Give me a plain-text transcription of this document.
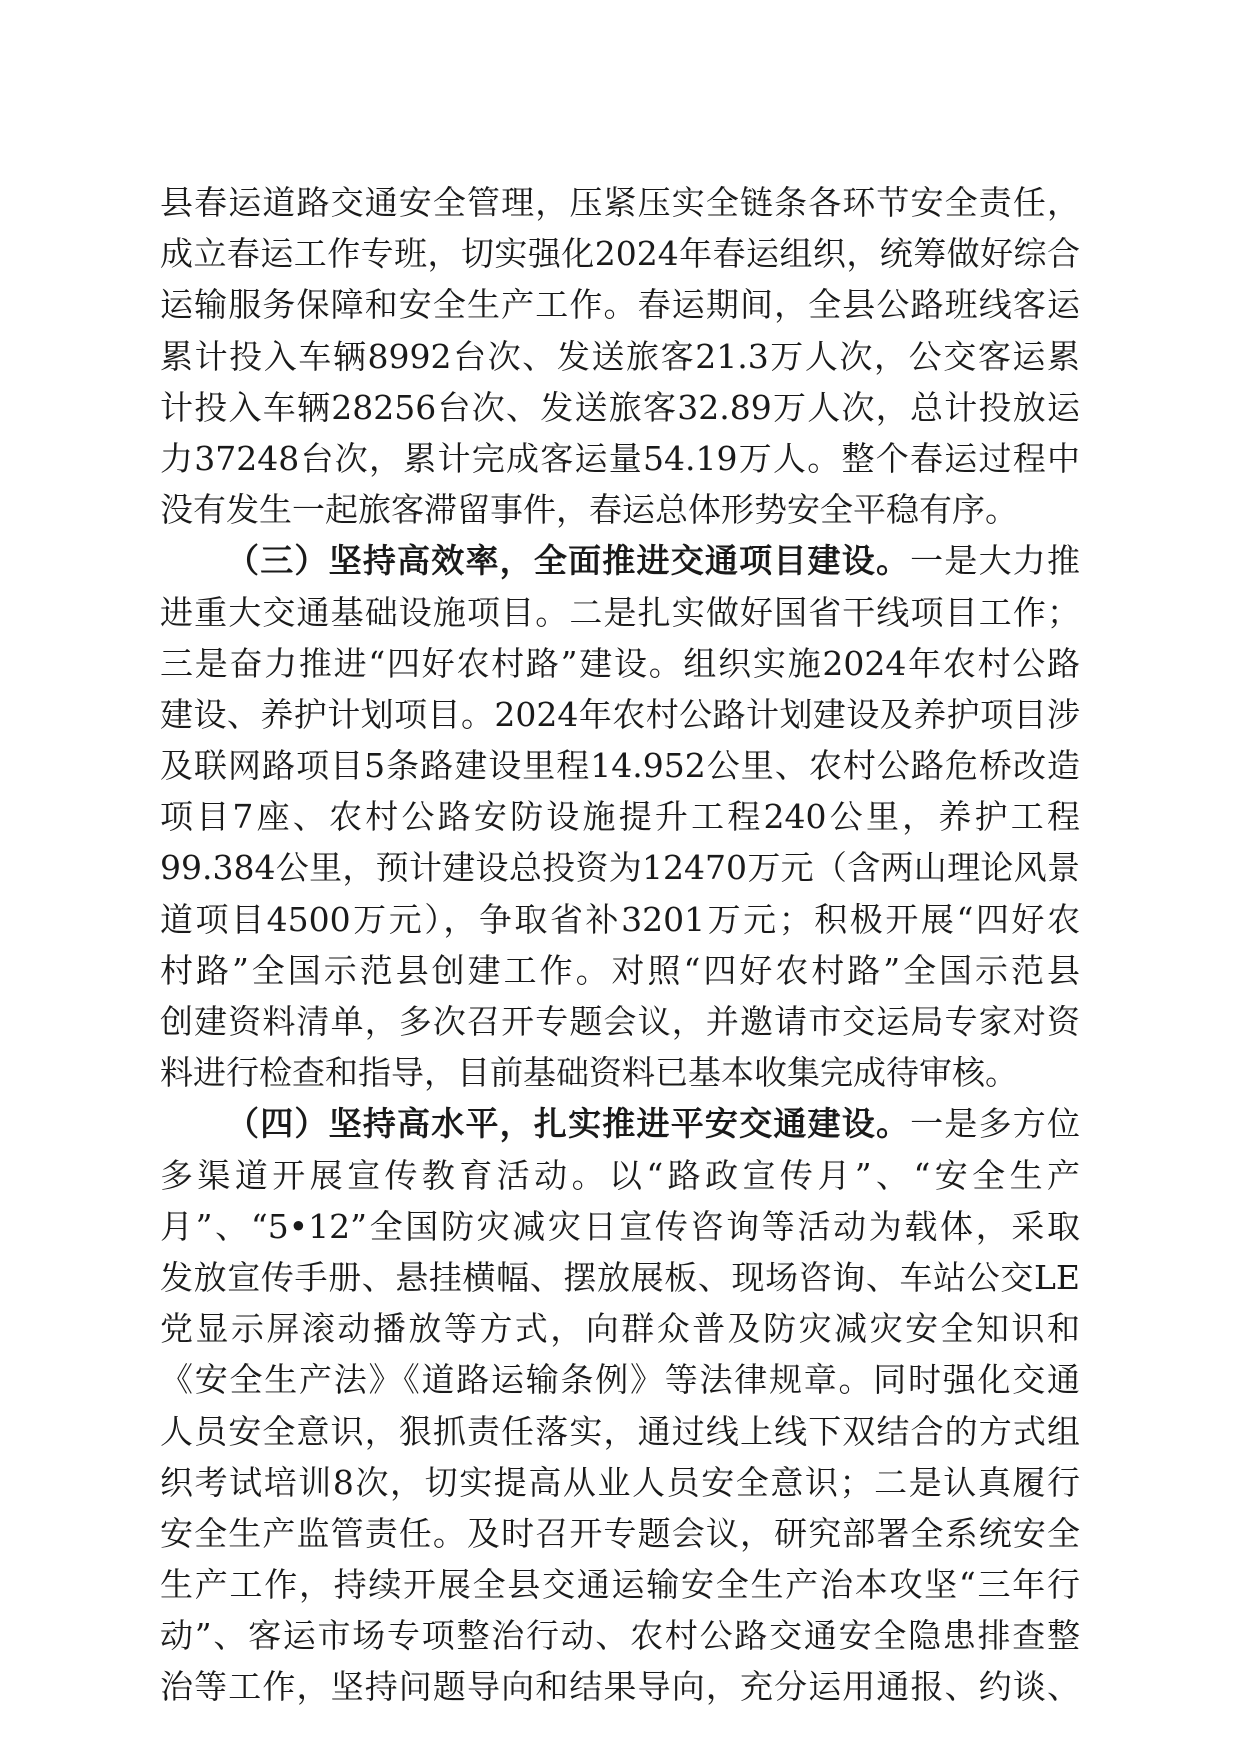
县春运道路交通安全管理，压紧压实全链条各环节安全责任，
成立春运工作专班，切实强化2024年春运组织，统筹做好综合
运输服务保障和安全生产工作。春运期间，全县公路班线客运
累计投入车辆8992台次、发送旅客21.3万人次，公交客运累
计投入车辆28256台次、发送旅客32.89万人次，总计投放运
力37248台次，累计完成客运量54.19万人。整个春运过程中
没有发生一起旅客滞留事件，春运总体形势安全平稳有序。
（三）坚持高效率，全面推进交通项目建设。一是大力推
进重大交通基础设施项目。二是扎实做好国省干线项目工作；
三是奋力推进“四好农村路”建设。组织实施2024年农村公路
建设、养护计划项目。2024年农村公路计划建设及养护项目涉
及联网路项目5条路建设里程14.952公里、农村公路危桥改造
项目7座、农村公路安防设施提升工程240公里，养护工程
99.384公里，预计建设总投资为12470万元（含两山理论风景
道项目4500万元），争取省补3201万元；积极开展“四好农
村路”全国示范县创建工作。对照“四好农村路”全国示范县
创建资料清单，多次召开专题会议，并邀请市交运局专家对资
料进行检查和指导，目前基础资料已基本收集完成待审核。
（四）坚持高水平，扎实推进平安交通建设。一是多方位
多渠道开展宣传教育活动。以“路政宣传月”、“安全生产
月”、“5•12”全国防灾减灾日宣传咨询等活动为载体，采取
发放宣传手册、悬挂横幅、摆放展板、现场咨询、车站公交LE
党显示屏滚动播放等方式，向群众普及防灾减灾安全知识和
《安全生产法》《道路运输条例》等法律规章。同时强化交通
人员安全意识，狠抓责任落实，通过线上线下双结合的方式组
织考试培训8次，切实提高从业人员安全意识；二是认真履行
安全生产监管责任。及时召开专题会议，研究部署全系统安全
生产工作，持续开展全县交通运输安全生产治本攻坚“三年行
动”、客运市场专项整治行动、农村公路交通安全隐患排查整
治等工作，坚持问题导向和结果导向，充分运用通报、约谈、
